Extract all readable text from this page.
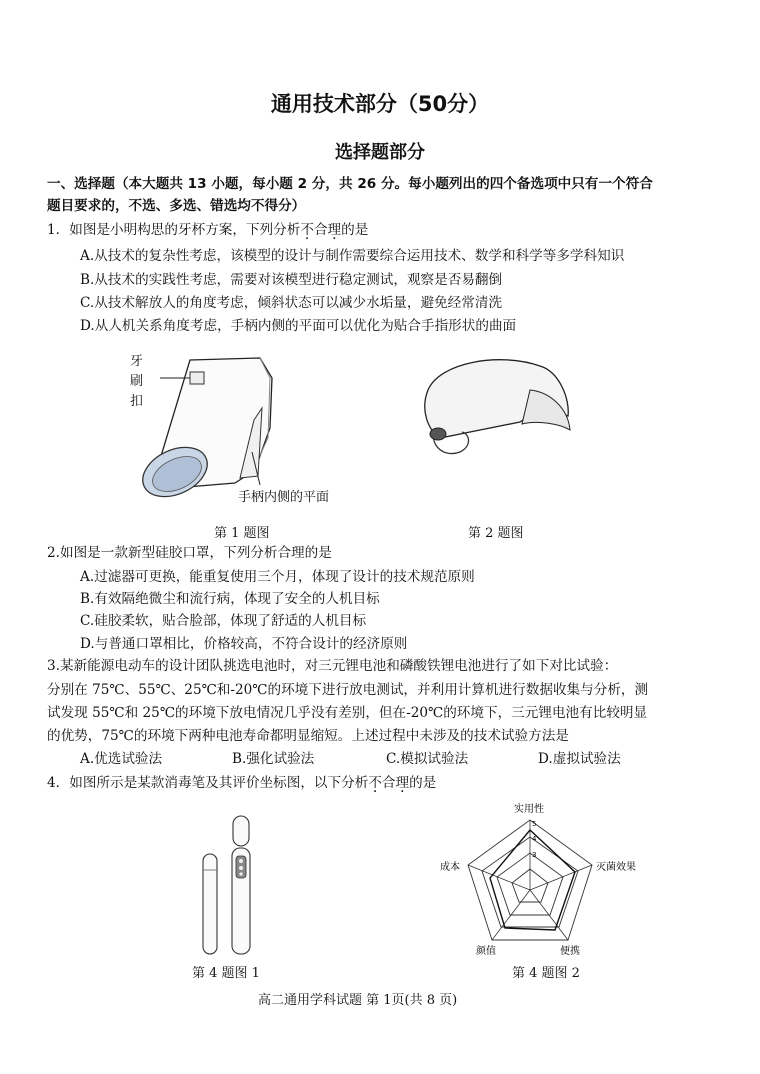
通用技术部分（50分）
选择题部分
一、选择题（本大题共 13 小题，每小题 2 分，共 26 分。每小题列出的四个备选项中只有一个符合
题目要求的，不选、多选、错选均不得分）
1．如图是小明构思的牙杯方案，下列分析不合理的是
A.从技术的复杂性考虑，该模型的设计与制作需要综合运用技术、数学和科学等多学科知识
B.从技术的实践性考虑，需要对该模型进行稳定测试，观察是否易翻倒
C.从技术解放人的角度考虑，倾斜状态可以减少水垢量，避免经常清洗
D.从人机关系角度考虑，手柄内侧的平面可以优化为贴合手指形状的曲面
牙
刷
扣
手柄内侧的平面
第 1 题图	第 2 题图
2.如图是一款新型硅胶口罩，下列分析合理的是
A.过滤器可更换，能重复使用三个月，体现了设计的技术规范原则
B.有效隔绝微尘和流行病，体现了安全的人机目标
C.硅胶柔软，贴合脸部，体现了舒适的人机目标
D.与普通口罩相比，价格较高，不符合设计的经济原则
3.某新能源电动车的设计团队挑选电池时，对三元锂电池和磷酸铁锂电池进行了如下对比试验：
分别在 75℃、55℃、25℃和-20℃的环境下进行放电测试，并利用计算机进行数据收集与分析，测
试发现 55℃和 25℃的环境下放电情况几乎没有差别，但在-20℃的环境下，三元锂电池有比较明显
的优势，75℃的环境下两种电池寿命都明显缩短。上述过程中未涉及的技术试验方法是
A.优选试验法	B.强化试验法	C.模拟试验法	D.虚拟试验法
4．如图所示是某款消毒笔及其评价坐标图，以下分析不合理的是
5
4
3
实用性
灭菌效果
便携
颜值
成本
第 4 题图 1	第 4 题图 2
高二通用学科试题 第 1页(共 8 页)
